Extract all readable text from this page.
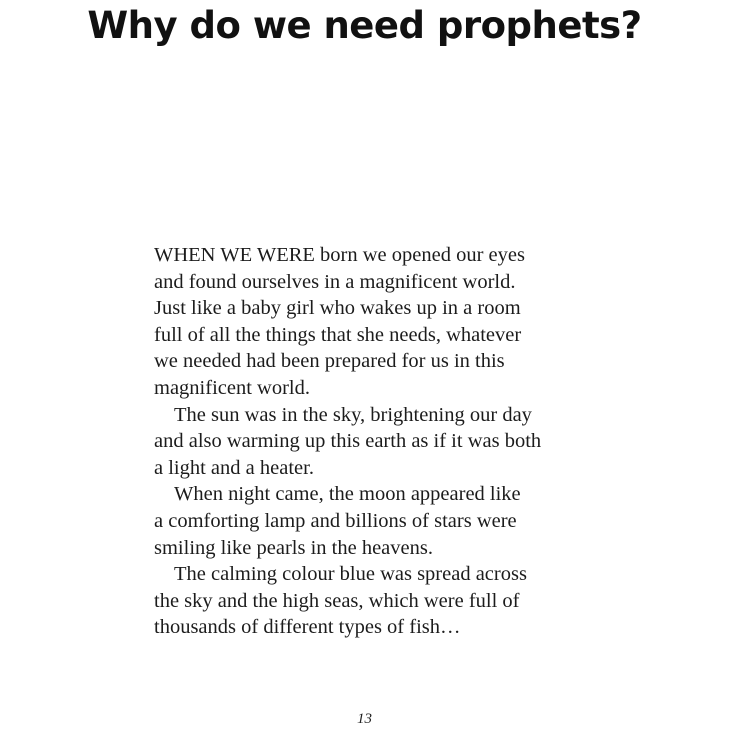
Why do we need prophets?

WHEN WE WERE born we opened our eyes
and found ourselves in a magnificent world.
Just like a baby girl who wakes up in a room
full of all the things that she needs, whatever
we needed had been prepared for us in this
magnificent world.

The sun was in the sky, brightening our day
and also warming up this earth as if it was both
a light and a heater.

When night came, the moon appeared like
a comforting lamp and billions of stars were
smiling like pearls in the heavens.

The calming colour blue was spread across
the sky and the high seas, which were full of
thousands of different types of fish…

13
